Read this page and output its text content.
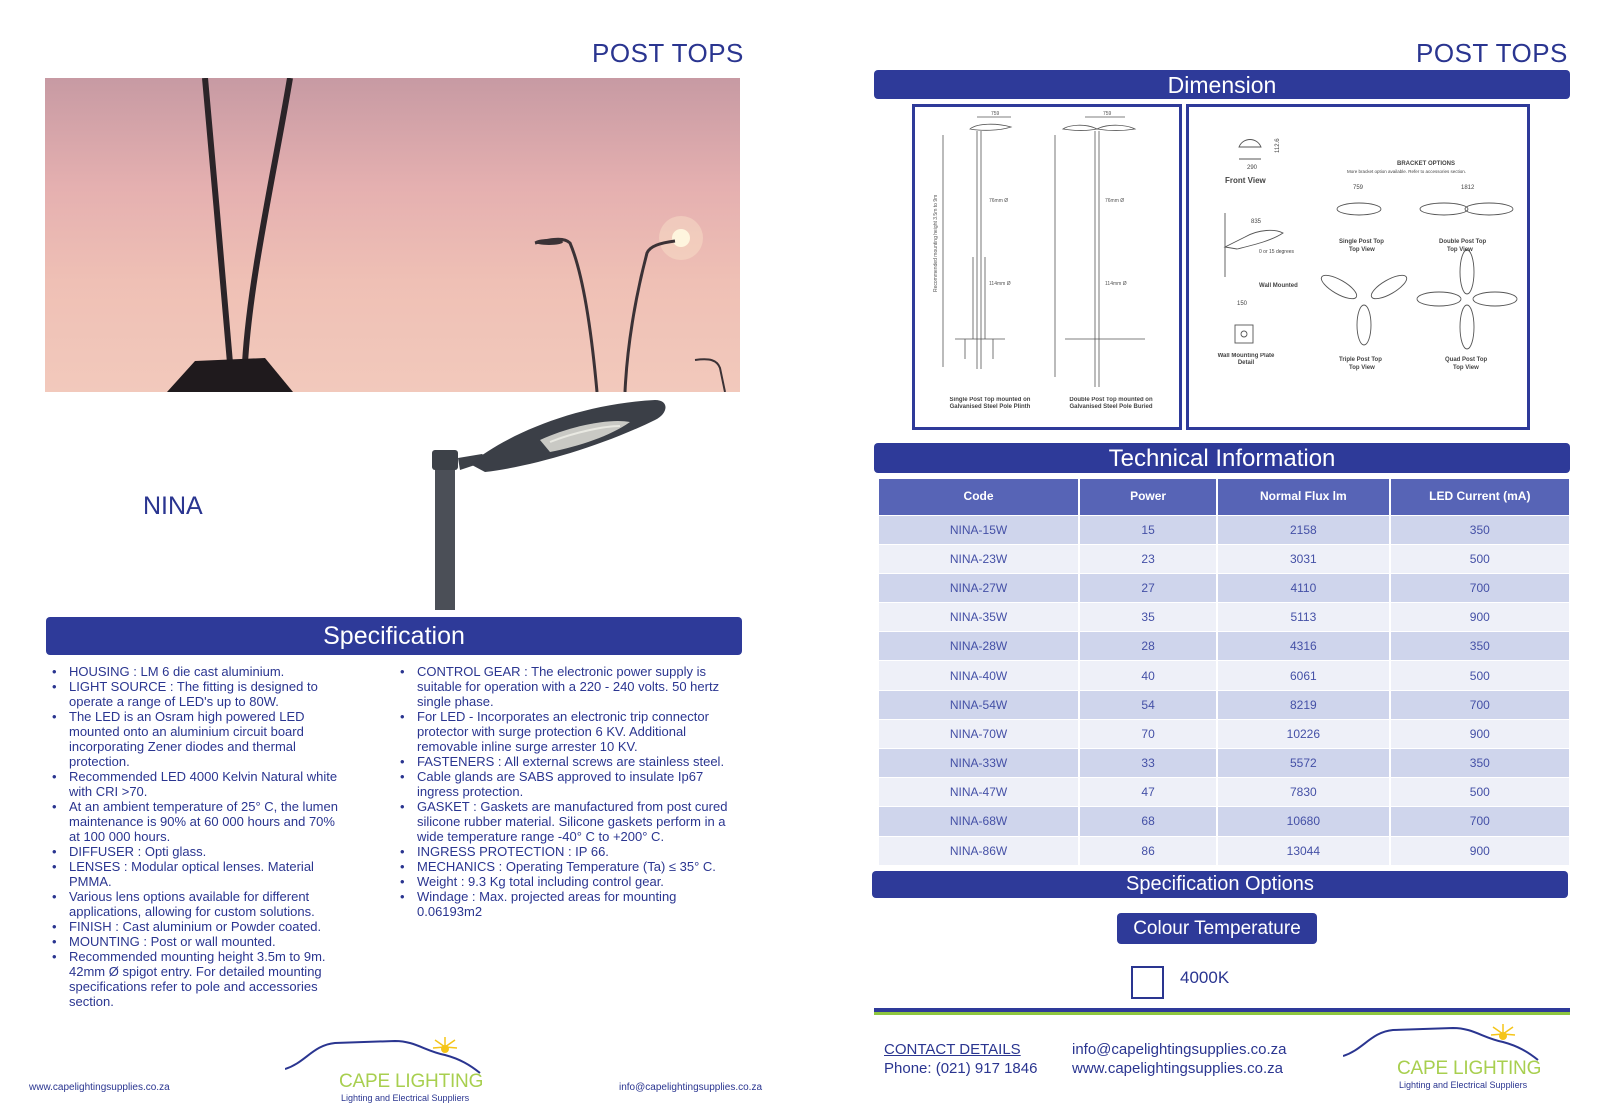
POST TOPS
NINA
Specification
• HOUSING : LM 6 die cast aluminium.
• LIGHT SOURCE : The fitting is designed to operate a range of LED's up to 80W.
• The LED is an Osram high powered LED mounted onto an aluminium circuit board incorporating Zener diodes and thermal protection.
• Recommended LED 4000 Kelvin Natural white with CRI >70.
• At an ambient temperature of 25° C, the lumen maintenance is 90% at 60 000 hours and 70% at 100 000 hours.
• DIFFUSER : Opti glass.
• LENSES : Modular optical lenses. Material PMMA.
• Various lens options available for different applications, allowing for custom solutions.
• FINISH : Cast aluminium or Powder coated.
• MOUNTING : Post or wall mounted.
• Recommended mounting height 3.5m to 9m. 42mm Ø spigot entry. For detailed mounting specifications refer to pole and accessories section.
• CONTROL GEAR : The electronic power supply is suitable for operation with a 220 - 240 volts. 50 hertz single phase.
• For LED - Incorporates an electronic trip connector protector with surge protection 6 KV. Additional removable inline surge arrester 10 KV.
• FASTENERS : All external screws are stainless steel.
• Cable glands are SABS approved to insulate Ip67 ingress protection.
• GASKET : Gaskets are manufactured from post cured silicone rubber material. Silicone gaskets perform in a wide temperature range -40° C to +200° C.
• INGRESS PROTECTION : IP 66.
• MECHANICS : Operating Temperature (Ta) ≤ 35° C.
• Weight : 9.3 Kg total including control gear.
• Windage : Max. projected areas for mounting 0.06193m2
www.capelightingsupplies.co.za	info@capelightingsupplies.co.za
CAPE LIGHTING
Lighting and Electrical Suppliers
POST TOPS
Dimension
759	759
76mm Ø	76mm Ø
114mm Ø	114mm Ø
Recommended mounting height 3.5m to 9m
Single Post Top mounted on Galvanised Steel Pole Plinth
Double Post Top mounted on Galvanised Steel Pole Buried
290
112.6
Front View
BRACKET OPTIONS
More bracket option available. Refer to accessories section.
835
0 or 15 degrees
Wall Mounted
Single Post Top
Top View
Double Post Top
Top View
759	1812
150
Wall Mounting Plate Detail	Triple Post Top
Top View
Quad Post Top
Top View
Technical Information
Code	Power	Normal Flux lm	LED Current (mA)
NINA-15W	15	2158	350
NINA-23W	23	3031	500
NINA-27W	27	4110	700
NINA-35W	35	5113	900
NINA-28W	28	4316	350
NINA-40W	40	6061	500
NINA-54W	54	8219	700
NINA-70W	70	10226	900
NINA-33W	33	5572	350
NINA-47W	47	7830	500
NINA-68W	68	10680	700
NINA-86W	86	13044	900
Specification Options
Colour Temperature
4000K
CONTACT DETAILS
Phone: (021) 917 1846
info@capelightingsupplies.co.za
www.capelightingsupplies.co.za	CAPE LIGHTING
Lighting and Electrical Suppliers
